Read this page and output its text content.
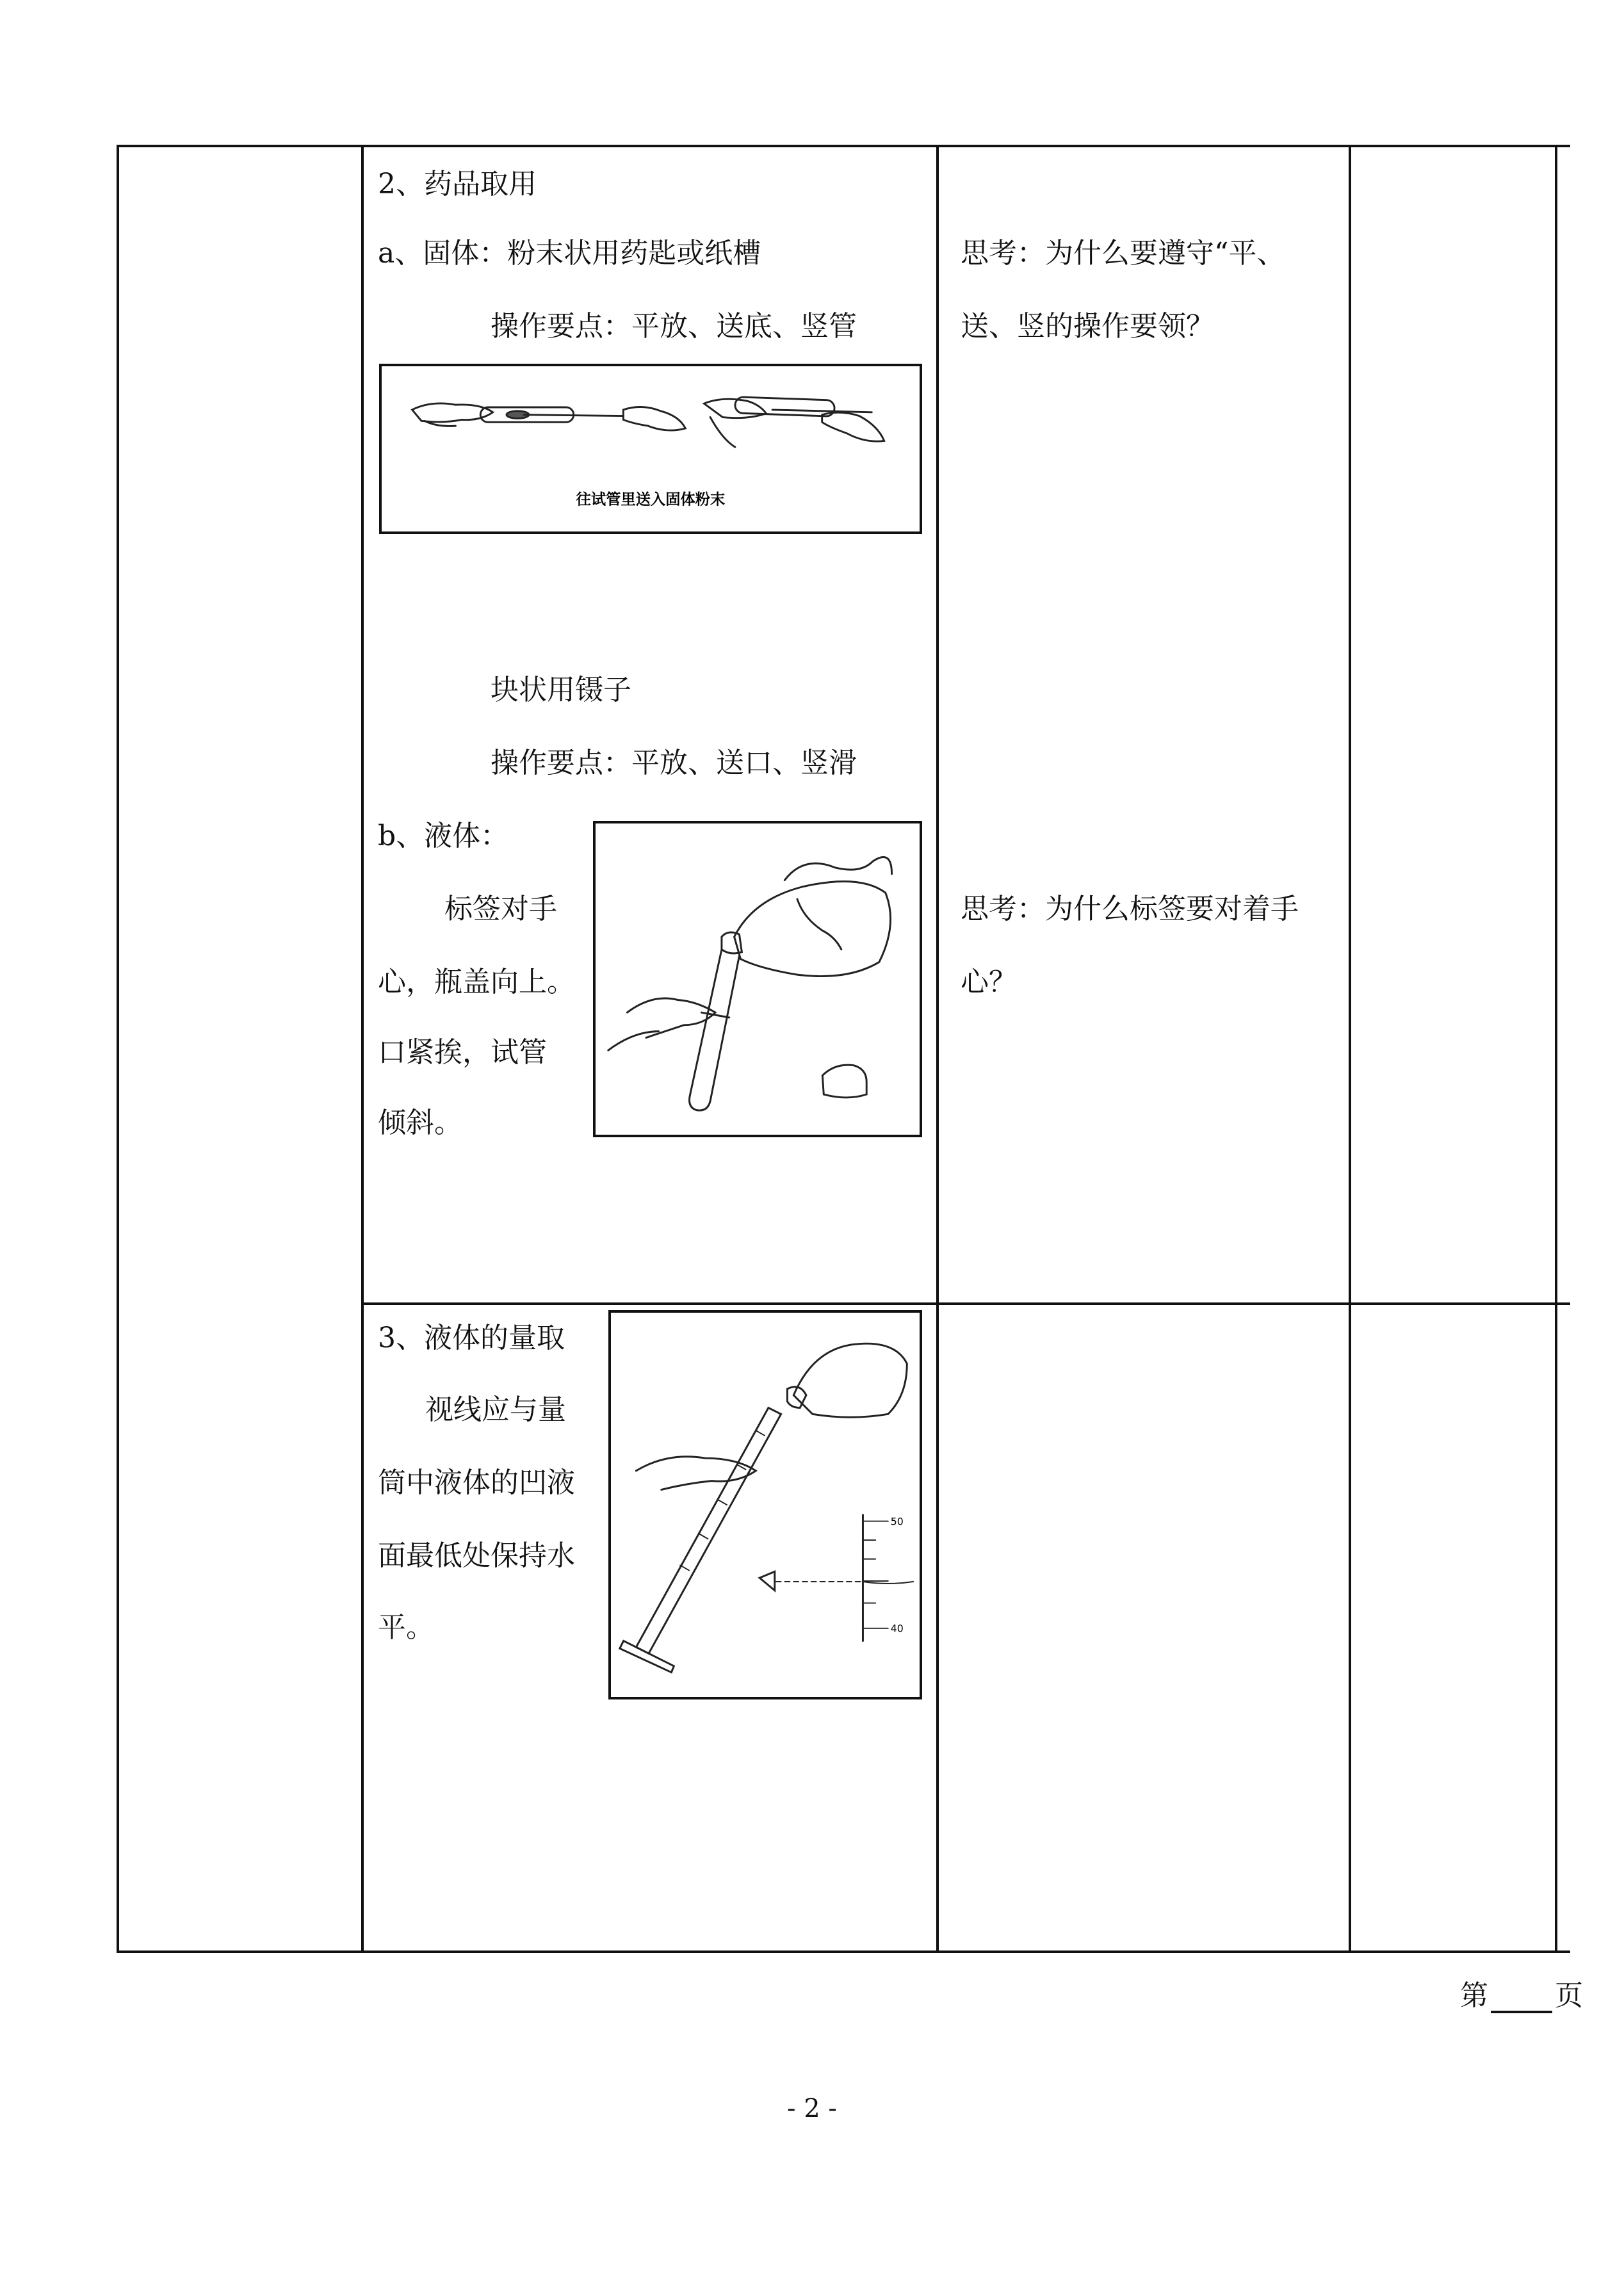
2、药品取用
a、固体：粉末状用药匙或纸槽
操作要点：平放、送底、竖管
往试管里送入固体粉末
块状用镊子
操作要点：平放、送口、竖滑
b、液体：
标签对手
心，瓶盖向上。
口紧挨，试管
倾斜。
3、液体的量取
视线应与量
筒中液体的凹液
面最低处保持水
平。
50
40
思考：为什么要遵守“平、
送、竖的操作要领？
思考：为什么标签要对着手
心？
第 页
- 2 -
